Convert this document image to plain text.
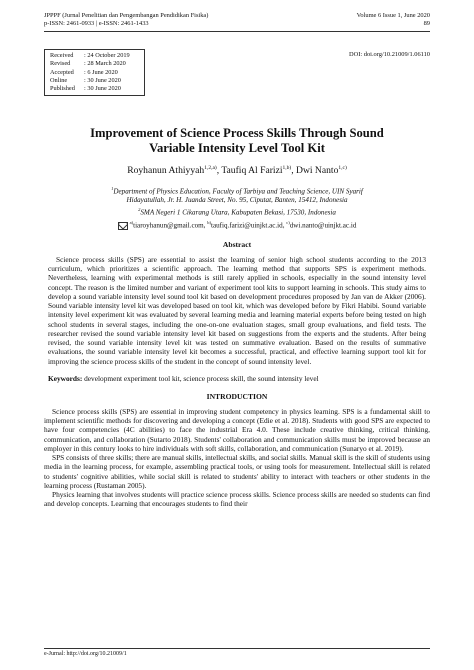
JPPPF (Jurnal Penelitian dan Pengembangan Pendidikan Fisika)
p-ISSN: 2461-0933 | e-ISSN: 2461-1433
Volume 6 Issue 1, June 2020
89
Received	: 24 October 2019
Revised	: 28 March 2020
Accepted	: 6 June 2020
Online	: 30 June 2020
Published	: 30 June 2020
DOI: doi.org/10.21009/1.06110
Improvement of Science Process Skills Through Sound
Variable Intensity Level Tool Kit
Royhanun Athiyyah$^{1,2,a)}$, Taufiq Al Farizi$^{1,b)}$, Dwi Nanto$^{1,c)}$
$^1$Department of Physics Education, Faculty of Tarbiya and Teaching Science, UIN Syarif
Hidayatullah, Jr. H. Juanda Street, No. 95, Ciputat, Banten, 15412, Indonesia
$^2$SMA Negeri 1 Cikarang Utara, Kabupaten Bekasi, 17530, Indonesia
$^{a)}$tiaroyhanun@gmail.com, $^{b)}$taufiq.farizi@uinjkt.ac.id, $^{c)}$dwi.nanto@uinjkt.ac.id
Abstract
Science process skills (SPS) are essential to assist the learning of senior high school students according to the 2013 curriculum, which prioritizes a scientific approach. The learning method that supports SPS is experiment methods. Nevertheless, learning with experimental methods is still rarely applied in schools, especially in the sound intensity level concept. The reason is the limited number and variant of experiment tool kits to support learning in schools. This study aims to develop a sound variable intensity level sound tool kit based on development procedures proposed by Jan van de Akker (2006). Sound variable intensity level kit was developed based on tool kit, which was developed before by Fikri Habibi. Sound variable intensity level experiment kit was evaluated by several learning media and learning material experts before being tested on high school students in several stages, including the one-on-one evaluation stages, small group evaluations, and field tests. The researcher revised the sound variable intensity level kit based on suggestions from the experts and the students. After being revised, the sound variable intensity level kit was tested on summative evaluation. Based on the results of summative evaluations, the sound variable intensity level kit becomes a successful, practical, and effective learning support tool kit for improving the science process skills of the student in the concept of sound intensity level.
Keywords: development experiment tool kit, science process skill, the sound intensity level
INTRODUCTION

Science process skills (SPS) are essential in improving student competency in physics learning. SPS is a fundamental skill to implement scientific methods for discovering and developing a concept (Edie et al. 2018). Students with good SPS are expected to have four competencies (4C abilities) to face the industrial Era 4.0. These include creative thinking, critical thinking, communication, and collaboration (Sutarto 2018). Students' collaboration and communication skills must be improved because an employer in this century looks to hire individuals with soft skills, collaboration, and communication (Sunaryo et al. 2019).

SPS consists of three skills; there are manual skills, intellectual skills, and social skills. Manual skill is the skill of students using media in the learning process, for example, assembling practical tools, or using tools for measurement. Intellectual skill is related to students' cognitive abilities, while social skill is related to students' ability to interact with teachers or other students in the learning process (Rustaman 2005).

Physics learning that involves students will practice science process skills. Science process skills are needed so students can find and develop concepts. Learning that encourages students to find their

e-Jurnal: http://doi.org/10.21009/1
